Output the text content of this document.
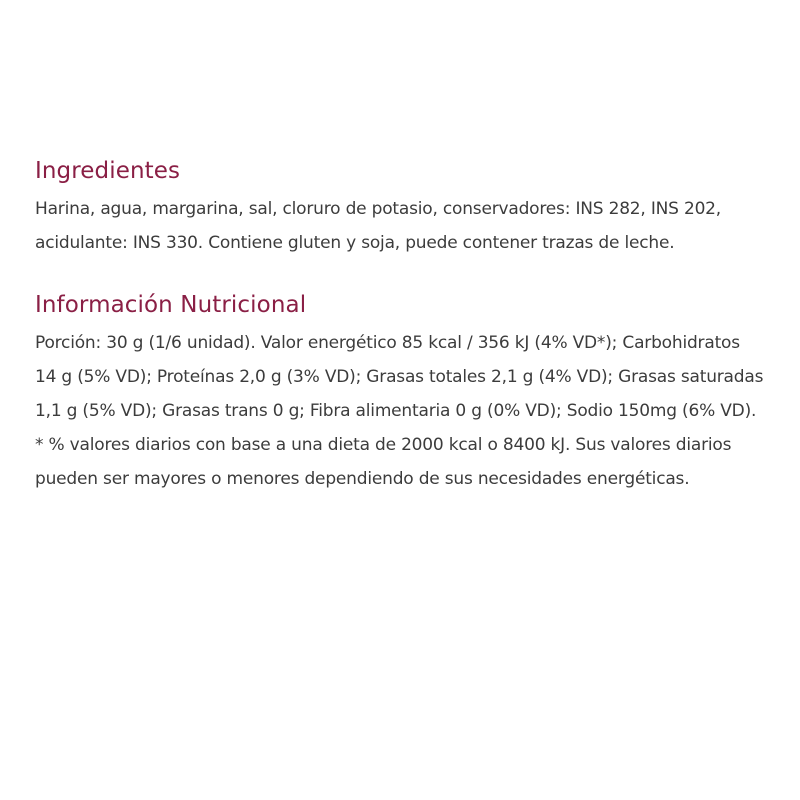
Ingredientes

Harina, agua, margarina, sal, cloruro de potasio, conservadores: INS 282, INS 202, acidulante: INS 330. Contiene gluten y soja, puede contener trazas de leche.

Información Nutricional

Porción: 30 g (1/6 unidad). Valor energético 85 kcal / 356 kJ (4% VD*); Carbohidratos 14 g (5% VD); Proteínas 2,0 g (3% VD); Grasas totales 2,1 g (4% VD); Grasas saturadas 1,1 g (5% VD); Grasas trans 0 g; Fibra alimentaria 0 g (0% VD); Sodio 150mg (6% VD). * % valores diarios con base a una dieta de 2000 kcal o 8400 kJ. Sus valores diarios pueden ser mayores o menores dependiendo de sus necesidades energéticas.
